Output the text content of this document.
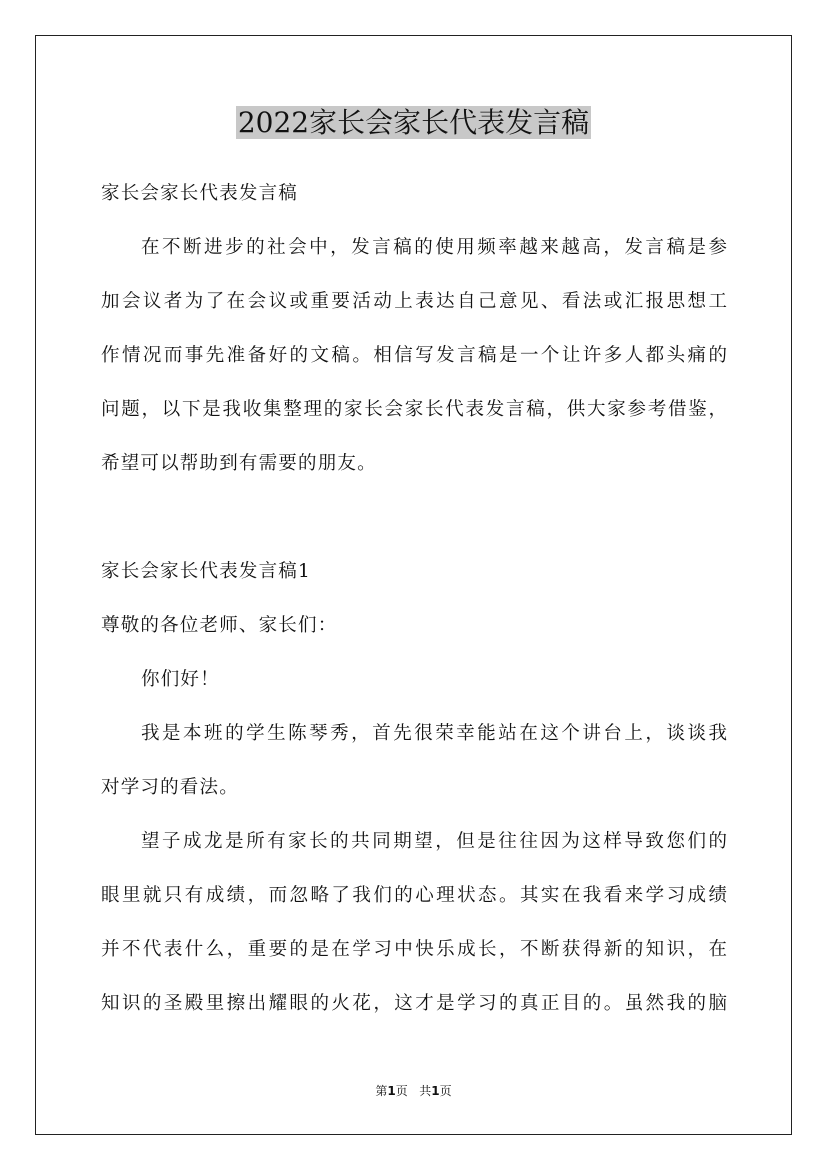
2022家长会家长代表发言稿
家长会家长代表发言稿
在不断进步的社会中，发言稿的使用频率越来越高，发言稿是参
加会议者为了在会议或重要活动上表达自己意见、看法或汇报思想工
作情况而事先准备好的文稿。相信写发言稿是一个让许多人都头痛的
问题，以下是我收集整理的家长会家长代表发言稿，供大家参考借鉴，
希望可以帮助到有需要的朋友。
家长会家长代表发言稿1
尊敬的各位老师、家长们：
你们好！
我是本班的学生陈琴秀，首先很荣幸能站在这个讲台上，谈谈我
对学习的看法。
望子成龙是所有家长的共同期望，但是往往因为这样导致您们的
眼里就只有成绩，而忽略了我们的心理状态。其实在我看来学习成绩
并不代表什么，重要的是在学习中快乐成长，不断获得新的知识，在
知识的圣殿里擦出耀眼的火花，这才是学习的真正目的。虽然我的脑
第1页 共1页
